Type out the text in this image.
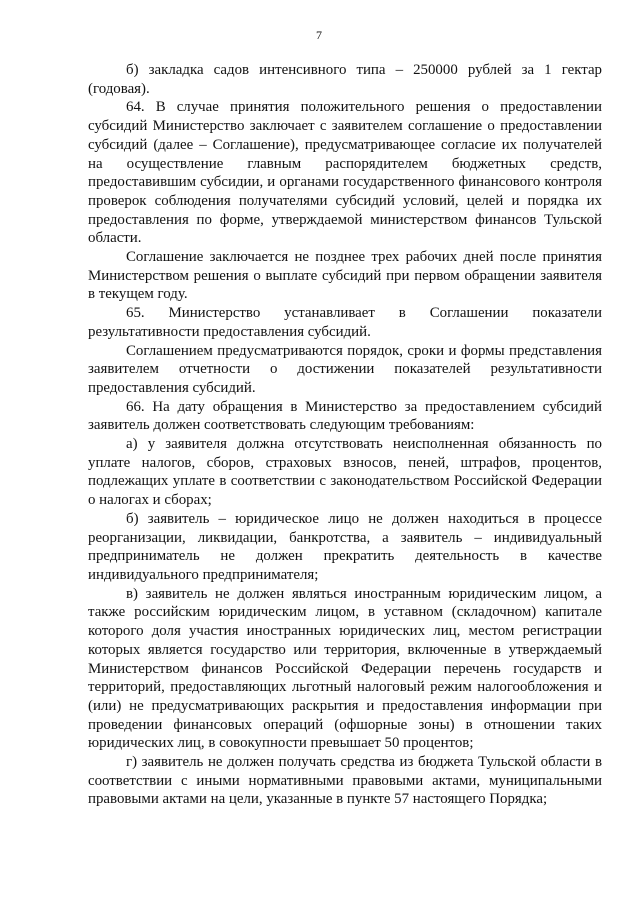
7

б) закладка садов интенсивного типа – 250000 рублей за 1 гектар (годовая).

64. В случае принятия положительного решения о предоставлении субсидий Министерство заключает с заявителем соглашение о предоставлении субсидий (далее – Соглашение), предусматривающее согласие их получателей на осуществление главным распорядителем бюджетных средств, предоставившим субсидии, и органами государственного финансового контроля проверок соблюдения получателями субсидий условий, целей и порядка их предоставления по форме, утверждаемой министерством финансов Тульской области.

Соглашение заключается не позднее трех рабочих дней после принятия Министерством решения о выплате субсидий при первом обращении заявителя в текущем году.

65. Министерство устанавливает в Соглашении показатели результативности предоставления субсидий.

Соглашением предусматриваются порядок, сроки и формы представления заявителем отчетности о достижении показателей результативности предоставления субсидий.

66. На дату обращения в Министерство за предоставлением субсидий заявитель должен соответствовать следующим требованиям:

а) у заявителя должна отсутствовать неисполненная обязанность по уплате налогов, сборов, страховых взносов, пеней, штрафов, процентов, подлежащих уплате в соответствии с законодательством Российской Федерации о налогах и сборах;

б) заявитель – юридическое лицо не должен находиться в процессе реорганизации, ликвидации, банкротства, а заявитель – индивидуальный предприниматель не должен прекратить деятельность в качестве индивидуального предпринимателя;

в) заявитель не должен являться иностранным юридическим лицом, а также российским юридическим лицом, в уставном (складочном) капитале которого доля участия иностранных юридических лиц, местом регистрации которых является государство или территория, включенные в утверждаемый Министерством финансов Российской Федерации перечень государств и территорий, предоставляющих льготный налоговый режим налогообложения и (или) не предусматривающих раскрытия и предоставления информации при проведении финансовых операций (офшорные зоны) в отношении таких юридических лиц, в совокупности превышает 50 процентов;

г) заявитель не должен получать средства из бюджета Тульской области в соответствии с иными нормативными правовыми актами, муниципальными правовыми актами на цели, указанные в пункте 57 настоящего Порядка;
